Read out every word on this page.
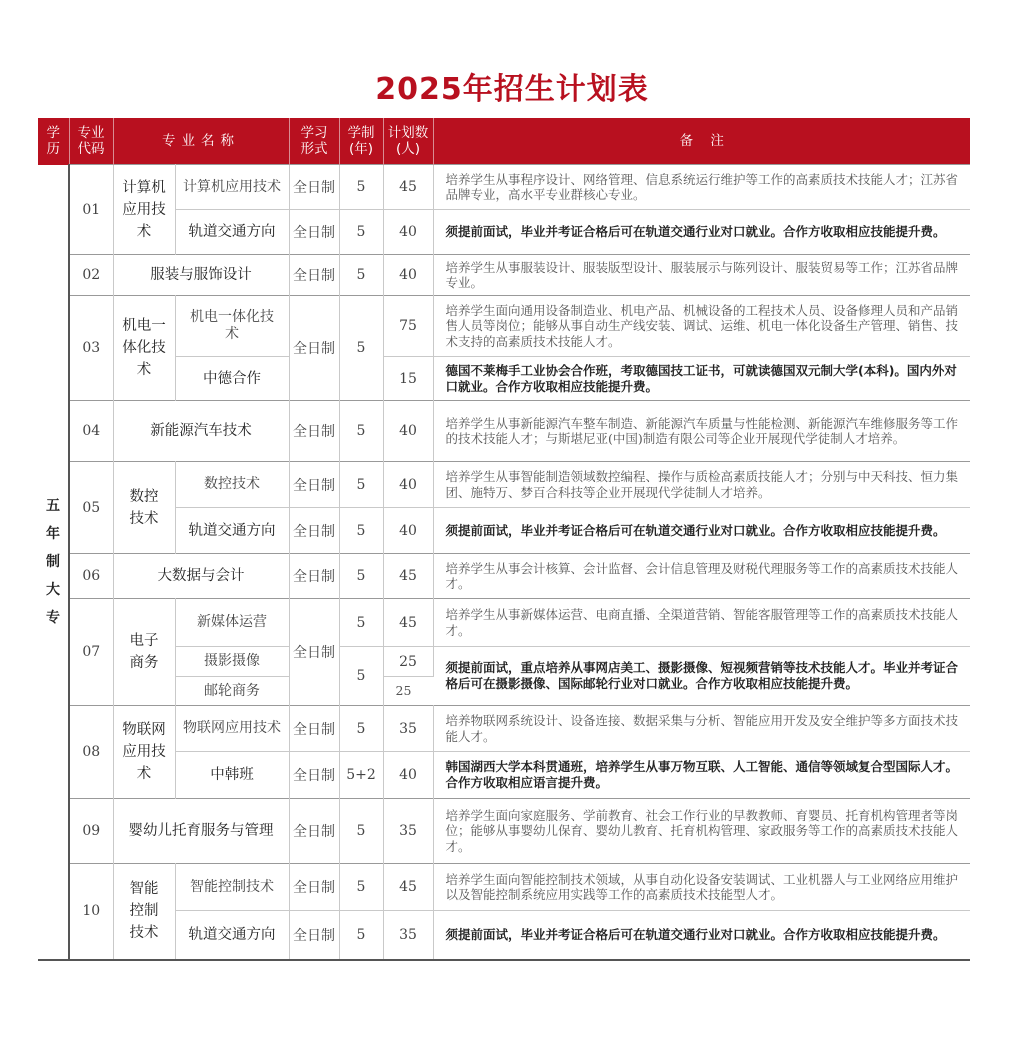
2025年招生计划表
学历	专业代码	专业名称		学习形式	学制(年)	计划数(人)	备    注
五年制大专	01	计算机应用技术	计算机应用技术	全日制	5	45	培养学生从事程序设计、网络管理、信息系统运行维护等工作的高素质技术技能人才；江苏省品牌专业，高水平专业群核心专业。
			轨道交通方向	全日制	5	40	须提前面试，毕业并考证合格后可在轨道交通行业对口就业。合作方收取相应技能提升费。
	02	服装与服饰设计		全日制	5	40	培养学生从事服装设计、服装版型设计、服装展示与陈列设计、服装贸易等工作；江苏省品牌专业。
	03	机电一体化技术	机电一体化技术	全日制	5	75	培养学生面向通用设备制造业、机电产品、机械设备的工程技术人员、设备修理人员和产品销售人员等岗位；能够从事自动生产线安装、调试、运维、机电一体化设备生产管理、销售、技术支持的高素质技术技能人才。
			中德合作			15	德国不莱梅手工业协会合作班，考取德国技工证书，可就读德国双元制大学(本科)。国内外对口就业。合作方收取相应技能提升费。
	04	新能源汽车技术		全日制	5	40	培养学生从事新能源汽车整车制造、新能源汽车质量与性能检测、新能源汽车维修服务等工作的技术技能人才；与斯堪尼亚(中国)制造有限公司等企业开展现代学徒制人才培养。
	05	数控技术	数控技术	全日制	5	40	培养学生从事智能制造领域数控编程、操作与质检高素质技能人才；分别与中天科技、恒力集团、施特万、梦百合科技等企业开展现代学徒制人才培养。
			轨道交通方向	全日制	5	40	须提前面试，毕业并考证合格后可在轨道交通行业对口就业。合作方收取相应技能提升费。
	06	大数据与会计		全日制	5	45	培养学生从事会计核算、会计监督、会计信息管理及财税代理服务等工作的高素质技术技能人才。
	07	电子商务	新媒体运营	全日制	5	45	培养学生从事新媒体运营、电商直播、全渠道营销、智能客服管理等工作的高素质技术技能人才。
			摄影摄像		5	25	须提前面试，重点培养从事网店美工、摄影摄像、短视频营销等技术技能人才。毕业并考证合格后可在摄影摄像、国际邮轮行业对口就业。合作方收取相应技能提升费。
			邮轮商务			25	
	08	物联网应用技术	物联网应用技术	全日制	5	35	培养物联网系统设计、设备连接、数据采集与分析、智能应用开发及安全维护等多方面技术技能人才。
			中韩班	全日制	5+2	40	韩国湖西大学本科贯通班，培养学生从事万物互联、人工智能、通信等领域复合型国际人才。合作方收取相应语言提升费。
	09	婴幼儿托育服务与管理		全日制	5	35	培养学生面向家庭服务、学前教育、社会工作行业的早教教师、育婴员、托育机构管理者等岗位；能够从事婴幼儿保育、婴幼儿教育、托育机构管理、家政服务等工作的高素质技术技能人才。
	10	智能控制技术	智能控制技术	全日制	5	45	培养学生面向智能控制技术领域，从事自动化设备安装调试、工业机器人与工业网络应用维护以及智能控制系统应用实践等工作的高素质技术技能型人才。
			轨道交通方向	全日制	5	35	须提前面试，毕业并考证合格后可在轨道交通行业对口就业。合作方收取相应技能提升费。
